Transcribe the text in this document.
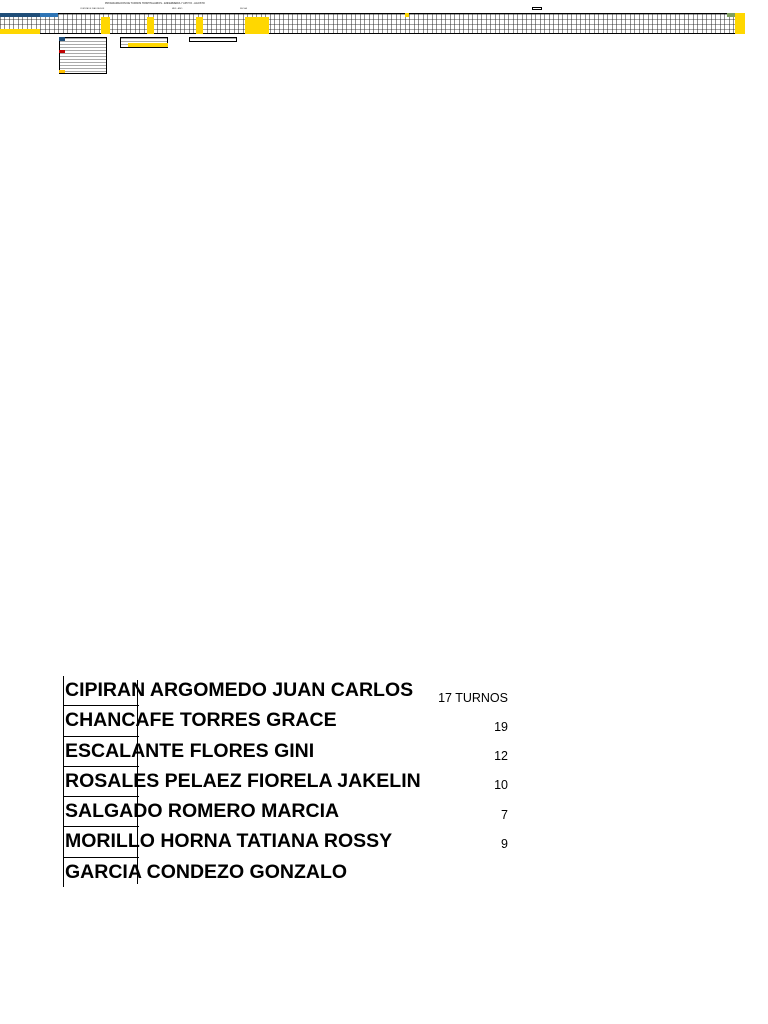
PROGRAMACION DE TURNOS HOSPITALARIOS - ENFERMERIA Y APOYO - AGOSTO
CUENTA DE DIAS SEGUN	MES - AÑO	FECHA
CIPIRAN ARGOMEDO JUAN CARLOS
CHANCAFE TORRES GRACE
ESCALANTE FLORES GINI
ROSALES PELAEZ FIORELA JAKELIN
SALGADO ROMERO MARCIA
MORILLO HORNA TATIANA ROSSY
GARCIA CONDEZO GONZALO
17 TURNOS
19
12
10
7
9
